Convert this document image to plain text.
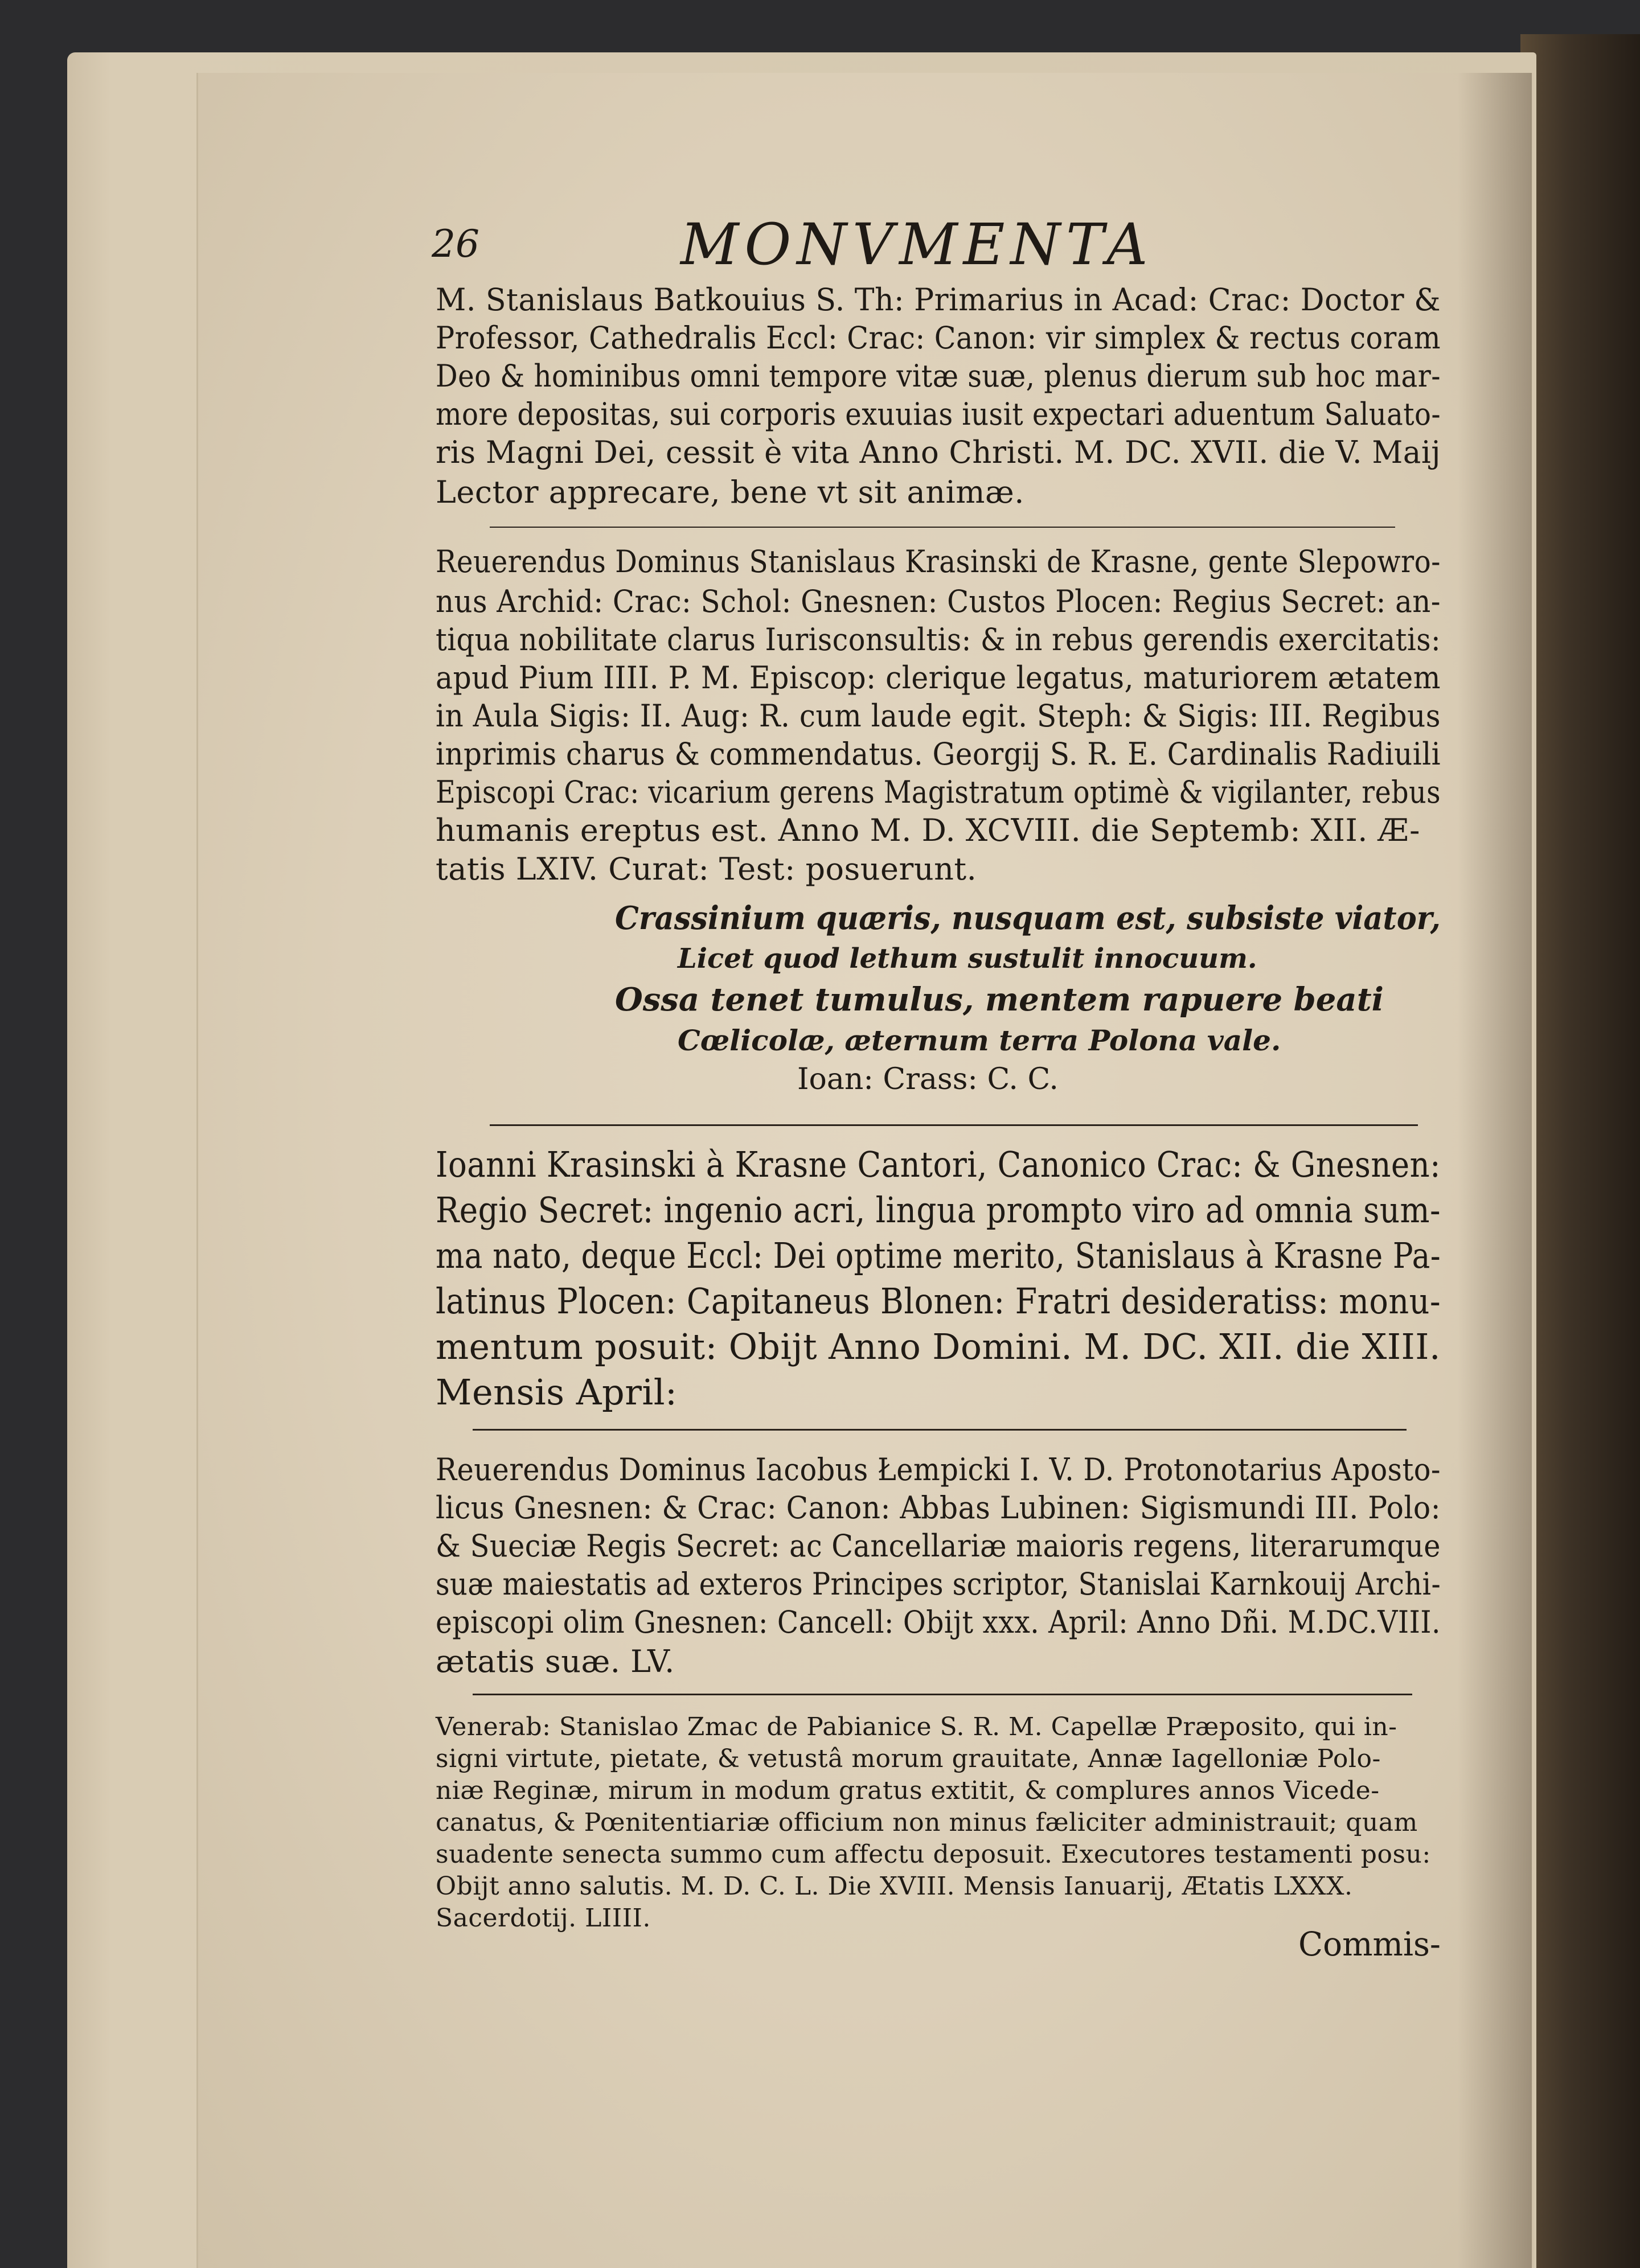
26	MONVMENTA
M. Stanislaus Batkouius S. Th: Primarius in Acad: Crac: Doctor &
Professor, Cathedralis Eccl: Crac: Canon: vir simplex & rectus coram
Deo & hominibus omni tempore vitæ suæ, plenus dierum sub hoc mar-
more depositas, sui corporis exuuias iusit expectari aduentum Saluato-
ris Magni Dei, cessit è vita Anno Christi. M. DC. XVII. die V. Maij
Lector apprecare, bene vt sit animæ.
Reuerendus Dominus Stanislaus Krasinski de Krasne, gente Slepowro-
nus Archid: Crac: Schol: Gnesnen: Custos Plocen: Regius Secret: an-
tiqua nobilitate clarus Iurisconsultis: & in rebus gerendis exercitatis:
apud Pium IIII. P. M. Episcop: clerique legatus, maturiorem ætatem
in Aula Sigis: II. Aug: R. cum laude egit. Steph: & Sigis: III. Regibus
inprimis charus & commendatus. Georgij S. R. E. Cardinalis Radiuili
Episcopi Crac: vicarium gerens Magistratum optimè & vigilanter, rebus
humanis ereptus est. Anno M. D. XCVIII. die Septemb: XII. Æ-
tatis LXIV. Curat: Test: posuerunt.
Crassinium quæris, nusquam est, subsiste viator,
Licet quod lethum sustulit innocuum.
Ossa tenet tumulus, mentem rapuere beati
Cœlicolæ, æternum terra Polona vale.
Ioan: Crass: C. C.
Ioanni Krasinski à Krasne Cantori, Canonico Crac: & Gnesnen:
Regio Secret: ingenio acri, lingua prompto viro ad omnia sum-
ma nato, deque Eccl: Dei optime merito, Stanislaus à Krasne Pa-
latinus Plocen: Capitaneus Blonen: Fratri desideratiss: monu-
mentum posuit: Obijt Anno Domini. M. DC. XII. die XIII.
Mensis April:
Reuerendus Dominus Iacobus Łempicki I. V. D. Protonotarius Aposto-
licus Gnesnen: & Crac: Canon: Abbas Lubinen: Sigismundi III. Polo:
& Sueciæ Regis Secret: ac Cancellariæ maioris regens, literarumque
suæ maiestatis ad exteros Principes scriptor, Stanislai Karnkouij Archi-
episcopi olim Gnesnen: Cancell: Obijt xxx. April: Anno Dñi. M.DC.VIII.
ætatis suæ. LV.
Venerab: Stanislao Zmac de Pabianice S. R. M. Capellæ Præposito, qui in-
signi virtute, pietate, & vetustâ morum grauitate, Annæ Iagelloniæ Polo-
niæ Reginæ, mirum in modum gratus extitit, & complures annos Vicede-
canatus, & Pœnitentiariæ officium non minus fæliciter administrauit; quam
suadente senecta summo cum affectu deposuit. Executores testamenti posu:
Obijt anno salutis. M. D. C. L. Die XVIII. Mensis Ianuarij, Ætatis LXXX.
Sacerdotij. LIIII.
Commis-
